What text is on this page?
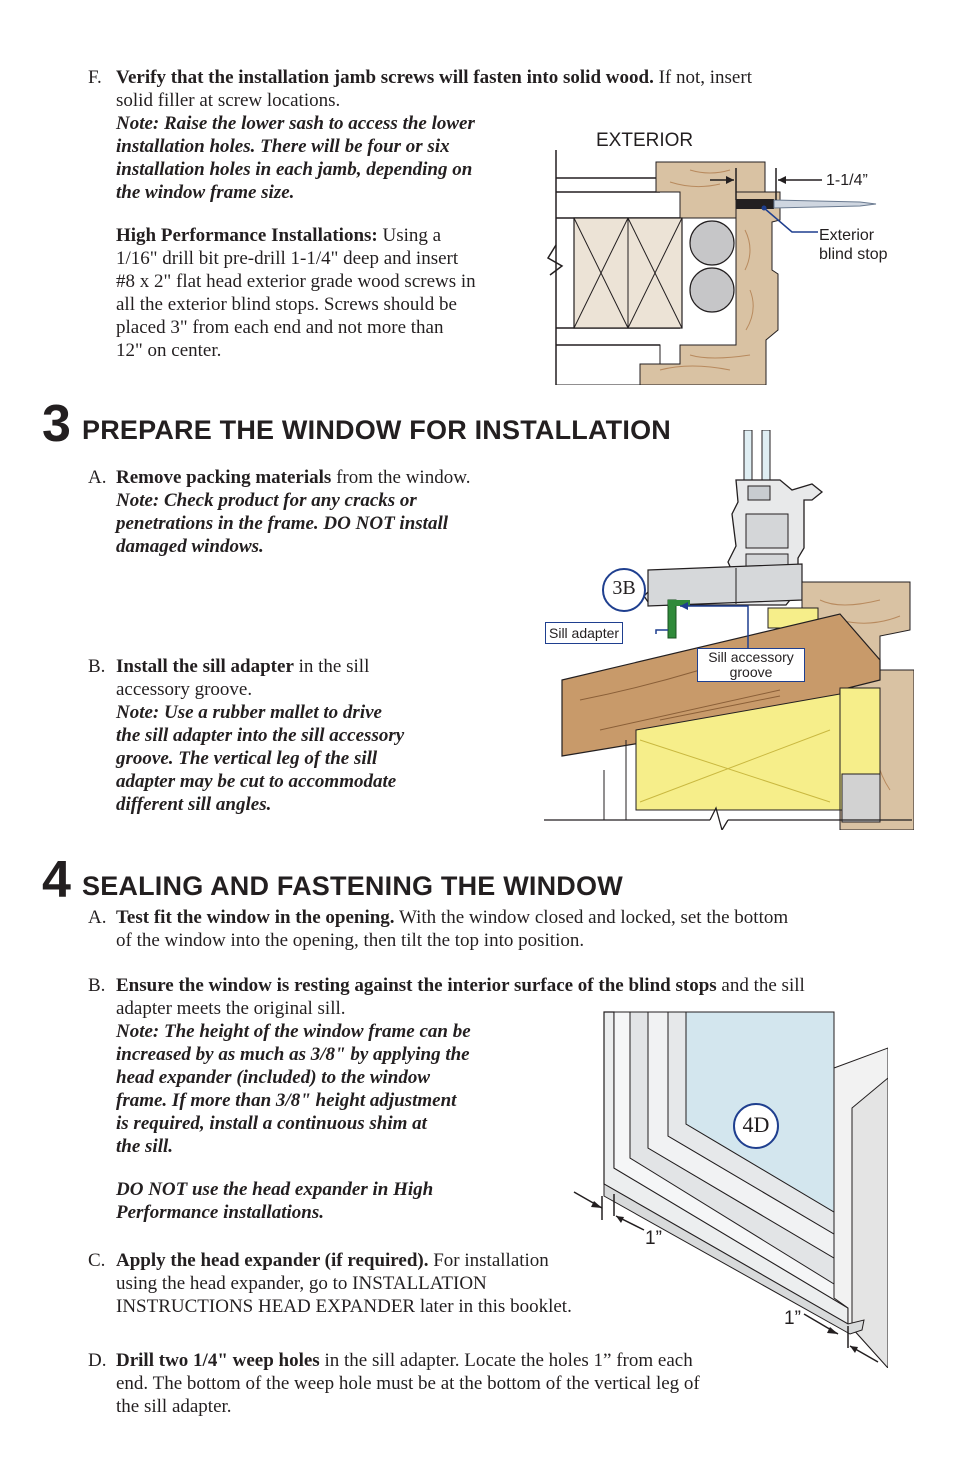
F. Verify that the installation jamb screws will fasten into solid wood. If not, insert

solid filler at screw locations.

Note: Raise the lower sash to access the lower

installation holes. There will be four or six

installation holes in each jamb, depending on

the window frame size.

High Performance Installations: Using a

1/16" drill bit pre-drill 1-1/4" deep and insert

#8 x 2" flat head exterior grade wood screws in

all the exterior blind stops. Screws should be

placed 3" from each end and not more than

12" on center.

EXTERIOR
1-1/4”
Exterior
blind stop
3 PREPARE THE WINDOW FOR INSTALLATION
A. Remove packing materials from the window.

Note: Check product for any cracks or

penetrations in the frame. DO NOT install

damaged windows.

B. Install the sill adapter in the sill

accessory groove.

Note: Use a rubber mallet to drive

the sill adapter into the sill accessory

groove. The vertical leg of the sill

adapter may be cut to accommodate

different sill angles.

3B
Sill adapter
Sill accessory
groove
4 SEALING AND FASTENING THE WINDOW
A. Test fit the window in the opening. With the window closed and locked, set the bottom

of the window into the opening, then tilt the top into position.

B. Ensure the window is resting against the interior surface of the blind stops and the sill

adapter meets the original sill.

Note: The height of the window frame can be

increased by as much as 3/8" by applying the

head expander (included) to the window

frame. If more than 3/8" height adjustment

is required, install a continuous shim at

the sill.

DO NOT use the head expander in High

Performance installations.

C. Apply the head expander (if required). For installation

using the head expander, go to INSTALLATION

INSTRUCTIONS HEAD EXPANDER later in this booklet.

D. Drill two 1/4" weep holes in the sill adapter. Locate the holes 1” from each

end. The bottom of the weep hole must be at the bottom of the vertical leg of

the sill adapter.

4D
1”
1”
